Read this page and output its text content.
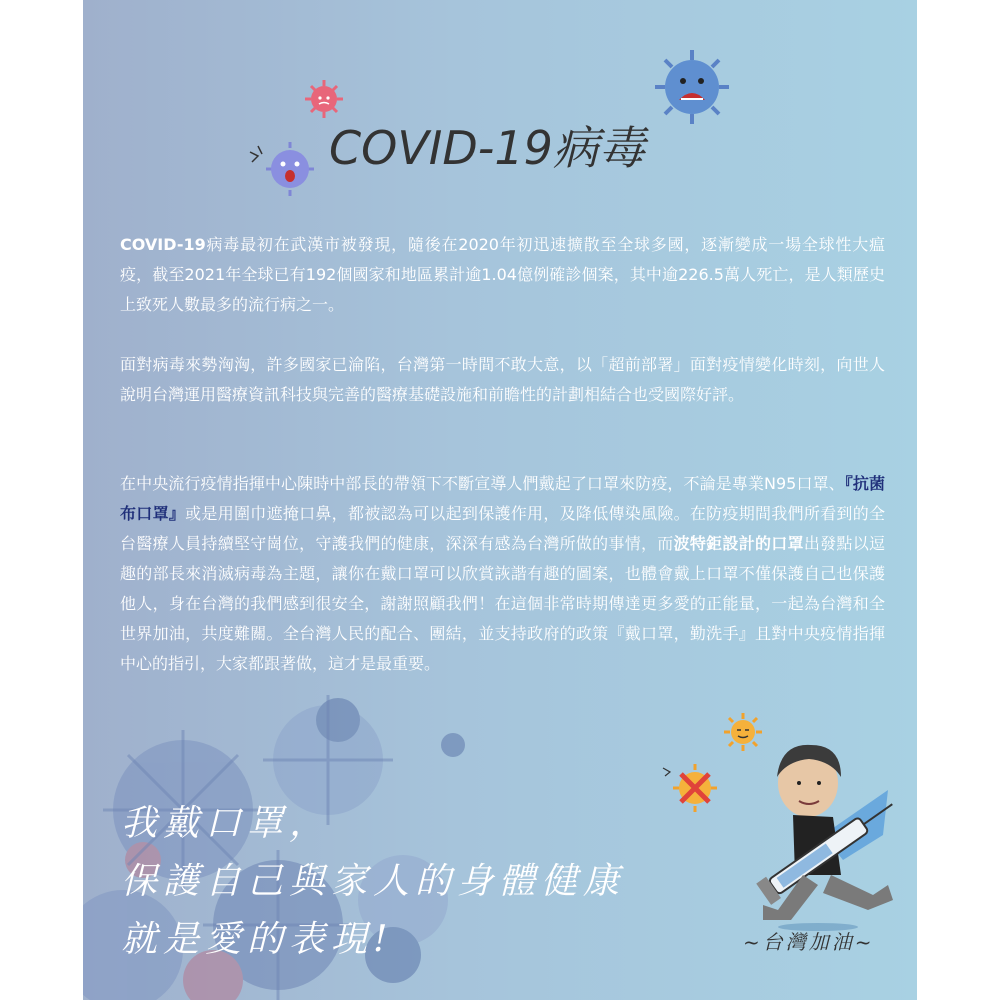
COVID-19病毒
COVID-19病毒最初在武漢市被發現，隨後在2020年初迅速擴散至全球多國，逐漸變成一場全球性大瘟疫，截至2021年全球已有192個國家和地區累計逾1.04億例確診個案，其中逾226.5萬人死亡，是人類歷史上致死人數最多的流行病之一。
面對病毒來勢洶洶，許多國家已淪陷，台灣第一時間不敢大意，以「超前部署」面對疫情變化時刻，向世人說明台灣運用醫療資訊科技與完善的醫療基礎設施和前瞻性的計劃相結合也受國際好評。
在中央流行疫情指揮中心陳時中部長的帶領下不斷宣導人們戴起了口罩來防疫，不論是專業N95口罩、『抗菌布口罩』或是用圍巾遮掩口鼻，都被認為可以起到保護作用，及降低傳染風險。在防疫期間我們所看到的全台醫療人員持續堅守崗位，守護我們的健康，深深有感為台灣所做的事情，而波特鉅設計的口罩出發點以逗趣的部長來消滅病毒為主題，讓你在戴口罩可以欣賞詼諧有趣的圖案，也體會戴上口罩不僅保護自己也保護他人，身在台灣的我們感到很安全，謝謝照顧我們！在這個非常時期傳達更多愛的正能量，一起為台灣和全世界加油，共度難關。全台灣人民的配合、團結，並支持政府的政策『戴口罩，勤洗手』且對中央疫情指揮中心的指引，大家都跟著做，這才是最重要。
我戴口罩，
保護自己與家人的身體健康
就是愛的表現!	~台灣加油~
